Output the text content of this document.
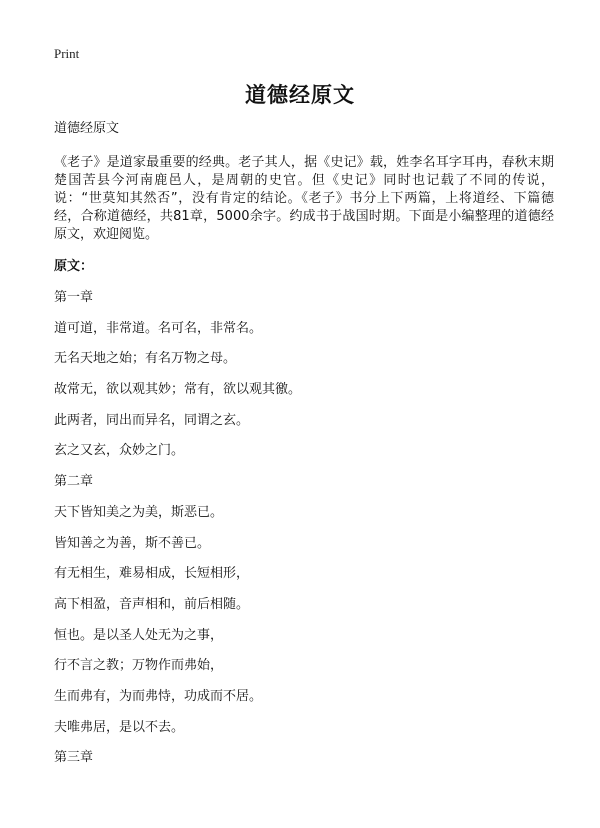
Print
道德经原文

道德经原文

《老子》是道家最重要的经典。老子其人，据《史记》载，姓李名耳字耳冉，春秋末期楚国苦县今河南鹿邑人，是周朝的史官。但《史记》同时也记载了不同的传说，说：“世莫知其然否”，没有肯定的结论。《老子》书分上下两篇，上将道经、下篇德经，合称道德经，共81章，5000余字。约成书于战国时期。下面是小编整理的道德经原文，欢迎阅览。

原文：

第一章
道可道，非常道。名可名，非常名。
无名天地之始；有名万物之母。
故常无，欲以观其妙；常有，欲以观其徼。
此两者，同出而异名，同谓之玄。
玄之又玄，众妙之门。
第二章
天下皆知美之为美，斯恶已。
皆知善之为善，斯不善已。
有无相生，难易相成，长短相形，
高下相盈，音声相和，前后相随。
恒也。是以圣人处无为之事，
行不言之教；万物作而弗始，
生而弗有，为而弗恃，功成而不居。
夫唯弗居，是以不去。
第三章
